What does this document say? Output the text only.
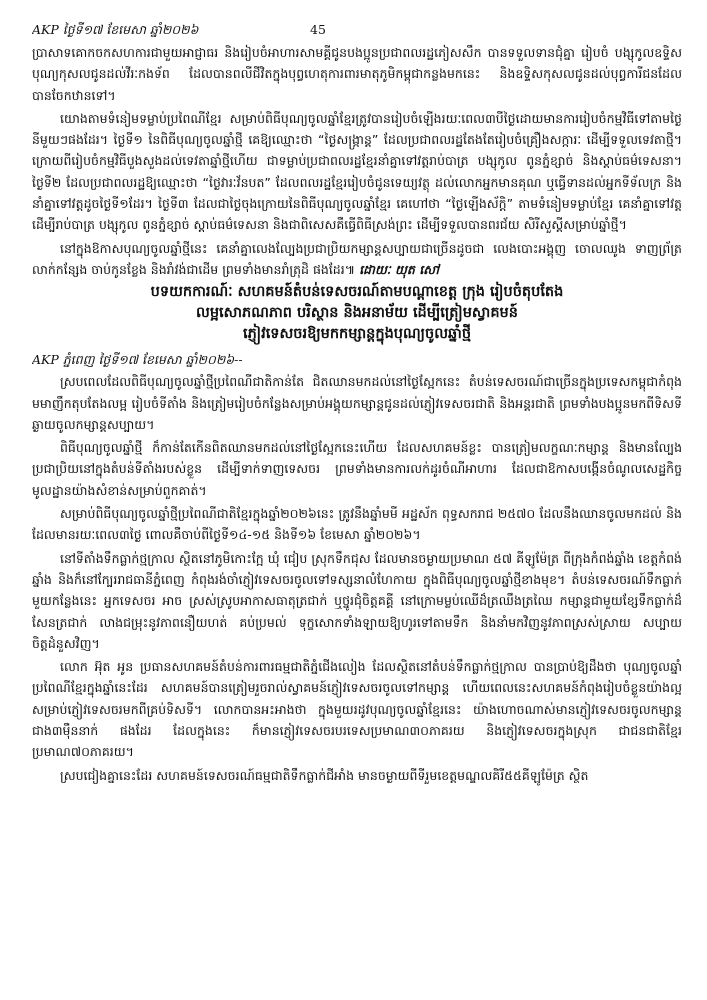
AKP ថ្ងៃទី១៧ ខែមេសា ឆ្នាំ២០២៦	45

ប្រាសាទគោកចកសហការជាមួយអាជ្ញាធរ និងរៀបចំអាហារសាមគ្គីជូនបងប្អូនប្រជាពលរដ្ឋភៀសសឹក បានទទួលទានជុំគ្នា រៀបចំ បង្សុកូលឧទ្ទិសបុណ្យកុសលជូនដល់វីរៈកងទ័ព ដែលបានពលីជីវិតក្នុងបុព្វហេតុការពារមាតុភូមិកម្ពុជាកន្លងមកនេះ និងឧទ្ទិសកុសលជូនដល់បុព្វការីជនដែលបានចែកឋានទៅ។

យោងតាមទំនៀមទម្លាប់ប្រពៃណីខ្មែរ សម្រាប់ពិធីបុណ្យចូលឆ្នាំខ្មែរត្រូវបានរៀបចំឡើងរយៈពេល៣បីថ្ងៃដោយមានការរៀបចំកម្មវិធីទៅតាមថ្ងៃនីមួយៗផងដែរ។ ថ្ងៃទី១ នៃពិធីបុណ្យចូលឆ្នាំថ្មី គេឱ្យឈ្មោះថា “ថ្ងៃសង្ក្រាន្ត” ដែលប្រជាពលរដ្ឋតែងតែរៀបចំគ្រឿងសក្ការៈ ដើម្បីទទួលទេវតាថ្មី។ ក្រោយពីរៀបចំកម្មវិធីបួងសួងដល់ទេវតាឆ្នាំថ្មីហើយ ជាទម្លាប់ប្រជាពលរដ្ឋខ្មែរនាំគ្នាទៅវត្តរាប់បាត្រ បង្សុកូល ពូនភ្នំខ្សាច់ និងស្តាប់ធម៌ទេសនា។ ថ្ងៃទី២ ដែលប្រជាពលរដ្ឋឱ្យឈ្មោះថា “ថ្ងៃវារៈវ័នបត” ដែលពលរដ្ឋខ្មែររៀបចំជូនទេយ្យវត្ថុ ដល់លោកអ្នកមានគុណ ឬធ្វើទានដល់អ្នកទីទ័លក្រ និងនាំគ្នាទៅវត្តដូចថ្ងៃទី១ដែរ។ ថ្ងៃទី៣ ដែលជាថ្ងៃចុងក្រោយនៃពិធីបុណ្យចូលឆ្នាំខ្មែរ គេហៅថា “ថ្ងៃឡើងស័ក្តិ” តាមទំនៀមទម្លាប់ខ្មែរ គេនាំគ្នាទៅវត្តដើម្បីរាប់បាត្រ បង្សុកូល ពូនភ្នំខ្សាច់ ស្តាប់ធម៌ទេសនា និងជាពិសេសគឺធ្វើពិធីស្រង់ព្រះ ដើម្បីទទួលបានពរជ័យ សិរីសួស្តីសម្រាប់ឆ្នាំថ្មី។

នៅក្នុងឱកាសបុណ្យចូលឆ្នាំថ្មីនេះ គេនាំគ្នាលេងល្បែងប្រជាប្រិយកម្សាន្តសប្បាយជាច្រើនដូចជា លេងបោះអង្គុញ ចោលឈូង ទាញព្រ័ត្រ លាក់កន្សែង ចាប់កូនខ្លែង និងរាំវង់ជាដើម ព្រមទាំងមានរាំត្រុដិ ផងដែរ៕ ដោយៈ យុត សៅ

បទយកការណ៍ៈ សហគមន៍តំបន់ទេសចរណ៍តាមបណ្តាខេត្ត ក្រុង រៀបចំតុបតែង
លម្អសោភណភាព បរិស្ថាន និងអនាម័យ ដើម្បីត្រៀមស្វាគមន៍
ភ្ញៀវទេសចរឱ្យមកកម្សាន្តក្នុងបុណ្យចូលឆ្នាំថ្មី
AKP ភ្នំពេញ ថ្ងៃទី១៧ ខែមេសា ឆ្នាំ២០២៦--

ស្របពេលដែលពិធីបុណ្យចូលឆ្នាំថ្មីប្រពៃណីជាតិកាន់តែ ជិតឈានមកដល់នៅថ្ងៃស្អែកនេះ តំបន់ទេសចរណ៍ជាច្រើនក្នុងប្រទេសកម្ពុជាកំពុងមមាញឹកតុបតែងលម្អ រៀបចំទីតាំង និងត្រៀមរៀបចំកន្លែងសម្រាប់អង្គុយកម្សាន្តជូនដល់ភ្ញៀវទេសចរជាតិ និងអន្តរជាតិ ព្រមទាំងបងប្អូនមកពីទិសទីឆ្ងាយចូលកម្សាន្តសប្បាយ។

ពិធីបុណ្យចូលឆ្នាំថ្មី ក៏កាន់តែកើនពិតឈានមកដល់នៅថ្ងៃស្អែកនេះហើយ ដែលសហគមន៍ខ្លះ បានត្រៀមលក្ខណៈកម្សាន្ត និងមានល្បែងប្រជាប្រិយនៅក្នុងតំបន់ទីតាំងរបស់ខ្លួន ដើម្បីទាក់ទាញទេសចរ ព្រមទាំងមានការលក់ដូរចំណីអាហារ ដែលជាឱកាសបង្កើនចំណូលសេដ្ឋកិច្ចមូលដ្ឋានយ៉ាងសំខាន់សម្រាប់ពួកគាត់។

សម្រាប់ពិធីបុណ្យចូលឆ្នាំថ្មីប្រពៃណីជាតិខ្មែរក្នុងឆ្នាំ២០២៦នេះ ត្រូវនឹងឆ្នាំមមី អដ្ឋស័ក ពុទ្ធសករាជ ២៥៧០ ដែលនឹងឈានចូលមកដល់ និងដែលមានរយៈពេល៣ថ្ងៃ ពោលគឺចាប់ពីថ្ងៃទី១៤-១៥ និងទី១៦ ខែមេសា ឆ្នាំ២០២៦។

នៅទីតាំងទឹកធ្លាក់ថ្មក្រាល ស្ថិតនៅភូមិកោះក្អែ ឃុំ ជៀប ស្រុកទឹកជុស ដែលមានចម្ងាយប្រមាណ ៥៧ គីឡូម៉ែត្រ ពីក្រុងកំពង់ឆ្នាំង ខេត្តកំពង់ឆ្នាំង និងក៏នៅក្បែររាជធានីភ្នំពេញ កំពុងរង់ចាំភ្ញៀវទេសចរចូលទៅទស្សនាលំហែកាយ ក្នុងពិធីបុណ្យចូលឆ្នាំថ្មីខាងមុខ។ តំបន់ទេសចរណ៍ទឹកធ្លាក់មួយកន្លែងនេះ អ្នកទេសចរ អាច ស្រស់ស្រូបអាកាសធាតុត្រជាក់ ឬថ្នូរជុំចិត្តគគ្គី នៅក្រោមម្លប់ឈើដ៏ត្រឈឹងត្រឈៃ កម្សាន្តជាមួយខ្សែទឹកធ្លាក់ដ៏សែនត្រជាក់ លាងជម្រុះនូវភាពនឿយហត់ គប់ប្រមល់ ទុក្ខសោកទាំងឡាយឱ្យហូរទៅតាមទឹក និងនាំមកវិញនូវភាពស្រស់ស្រាយ សប្បាយចិត្តដំនួសវិញ។

លោក អ៊ុត អូន ប្រធានសហគមន៍តំបន់ការពារធម្មជាតិភ្នំជើងលៀង ដែលស្ថិតនៅតំបន់ទឹកធ្លាក់ថ្មក្រាល បានប្រាប់ឱ្យដឹងថា បុណ្យចូលឆ្នាំប្រពៃណីខ្មែរក្នុងឆ្នាំនេះដែរ សហគមន៍បានត្រៀមរួចរាល់ស្វាគមន៍ភ្ញៀវទេសចរចូលទៅកម្សាន្ត ហើយពេលនេះសហគមន៍កំពុងរៀបចំខ្លួនយ៉ាងល្អសម្រាប់ភ្ញៀវទេសចរមកពីគ្រប់ទិសទី។ លោកបានអះអាងថា ក្នុងមួយរដូវបុណ្យចូលឆ្នាំខ្មែរនេះ យ៉ាងហោចណាស់មានភ្ញៀវទេសចរចូលកម្សាន្តជាង៣ម៉ឺននាក់ ផងដែរ ដែលក្នុងនេះ ក៏មានភ្ញៀវទេសចរបរទេសប្រមាណ៣០ភាគរយ និងភ្ញៀវទេសចរក្នុងស្រុក ជាជនជាតិខ្មែរប្រមាណ៧០ភាគរយ។

ស្របជៀងគ្នានេះដែរ សហគមន៍ទេសចរណ៍ធម្មជាតិទឹកធ្លាក់ជីអាំង មានចម្ងាយពីទីរួមខេត្តមណ្ឌលគិរី៥៥គីឡូម៉ែត្រ ស្ថិត
